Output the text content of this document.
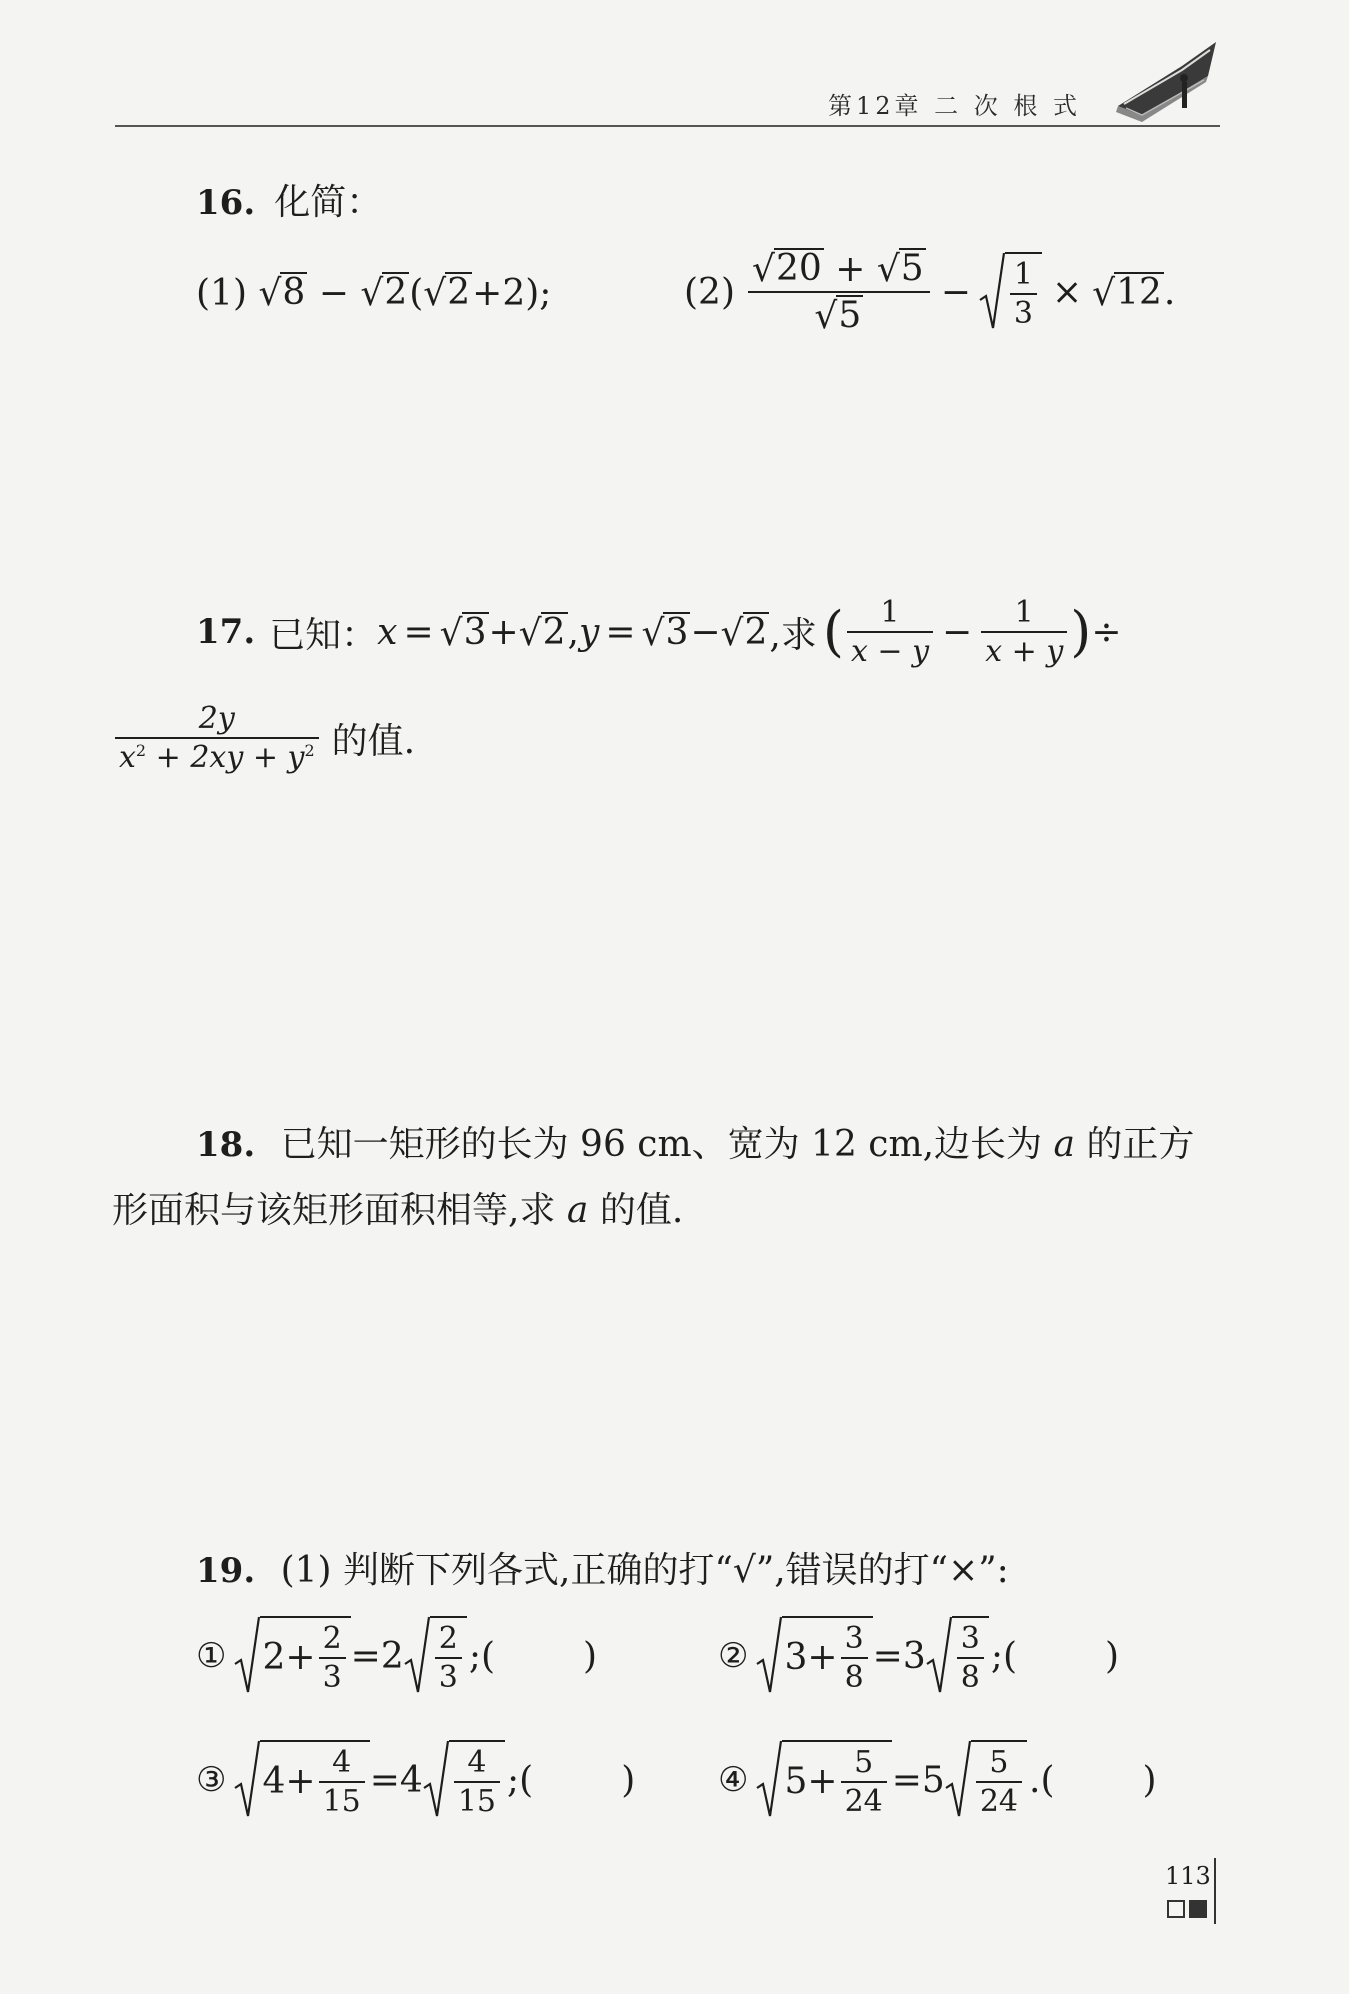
第12章 二 次 根 式
16. 化简：
(1) √ 8 − √ 2 ( √ 2 +2);	$(2) \frac{√ 20 + √ 5}{√ 5} - \frac{1}{3}$ × √ 12 .
17. 已知： x = √ 3 + √ 2 , y = √ 3 − √ 2 ,求 ( $\frac{1}{x - y} - \frac{1}{x + y}$ ) ÷
$\frac{2y}{x^2 + 2xy + y^2}$ 的值.
18. 已知一矩形的长为 96 cm、宽为 12 cm,边长为 a 的正方
形面积与该矩形面积相等,求 a 的值.
19. (1) 判断下列各式,正确的打“√”,错误的打“×”:
① $2+ \frac{2}{3} =2 \frac{2}{3}$ ;( )	② $3+ \frac{3}{8} =3 \frac{3}{8}$ ;( )
③ $4+ \frac{4}{15} =4 \frac{4}{15}$ ;( ) ④ $5+ \frac{5}{24} =5 \frac{5}{24}$ .( )
113
